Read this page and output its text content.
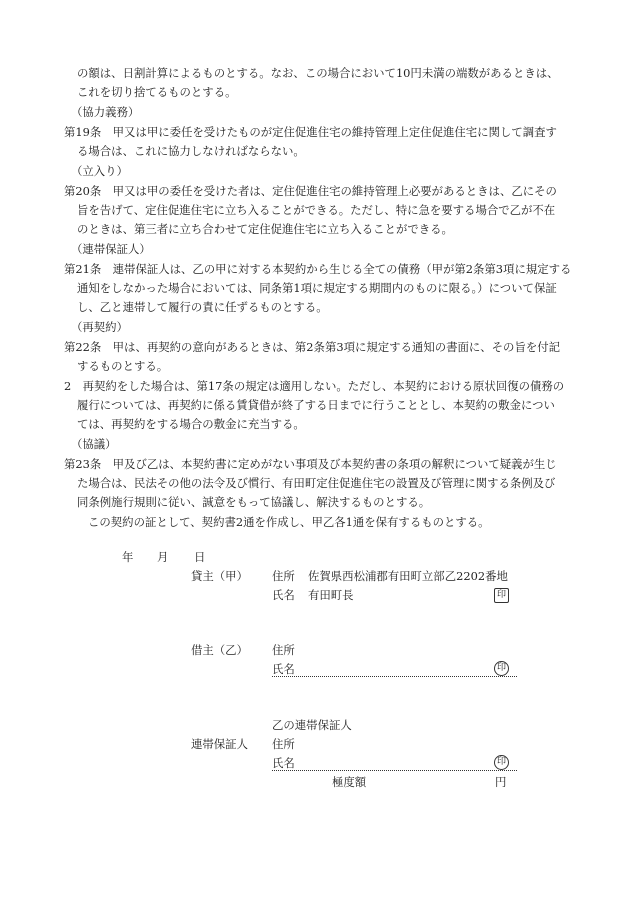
の額は、日割計算によるものとする。なお、この場合において10円未満の端数があるときは、
これを切り捨てるものとする。
（協力義務）
第19条　甲又は甲に委任を受けたものが定住促進住宅の維持管理上定住促進住宅に関して調査す
る場合は、これに協力しなければならない。
（立入り）
第20条　甲又は甲の委任を受けた者は、定住促進住宅の維持管理上必要があるときは、乙にその
旨を告げて、定住促進住宅に立ち入ることができる。ただし、特に急を要する場合で乙が不在
のときは、第三者に立ち合わせて定住促進住宅に立ち入ることができる。
（連帯保証人）
第21条　連帯保証人は、乙の甲に対する本契約から生じる全ての債務（甲が第2条第3項に規定する
通知をしなかった場合においては、同条第1項に規定する期間内のものに限る。）について保証
し、乙と連帯して履行の責に任ずるものとする。
（再契約）
第22条　甲は、再契約の意向があるときは、第2条第3項に規定する通知の書面に、その旨を付記
するものとする。
2　再契約をした場合は、第17条の規定は適用しない。ただし、本契約における原状回復の債務の
履行については、再契約に係る賃貸借が終了する日までに行うこととし、本契約の敷金につい
ては、再契約をする場合の敷金に充当する。
（協議）
第23条　甲及び乙は、本契約書に定めがない事項及び本契約書の条項の解釈について疑義が生じ
た場合は、民法その他の法令及び慣行、有田町定住促進住宅の設置及び管理に関する条例及び
同条例施行規則に従い、誠意をもって協議し、解決するものとする。
この契約の証として、契約書2通を作成し、甲乙各1通を保有するものとする。
年 月 日
貸主（甲） 住所 佐賀県西松浦郡有田町立部乙2202番地
氏名 有田町長	印
借主（乙） 住所
氏名	印
乙の連帯保証人
連帯保証人 住所
氏名	印
極度額	円
